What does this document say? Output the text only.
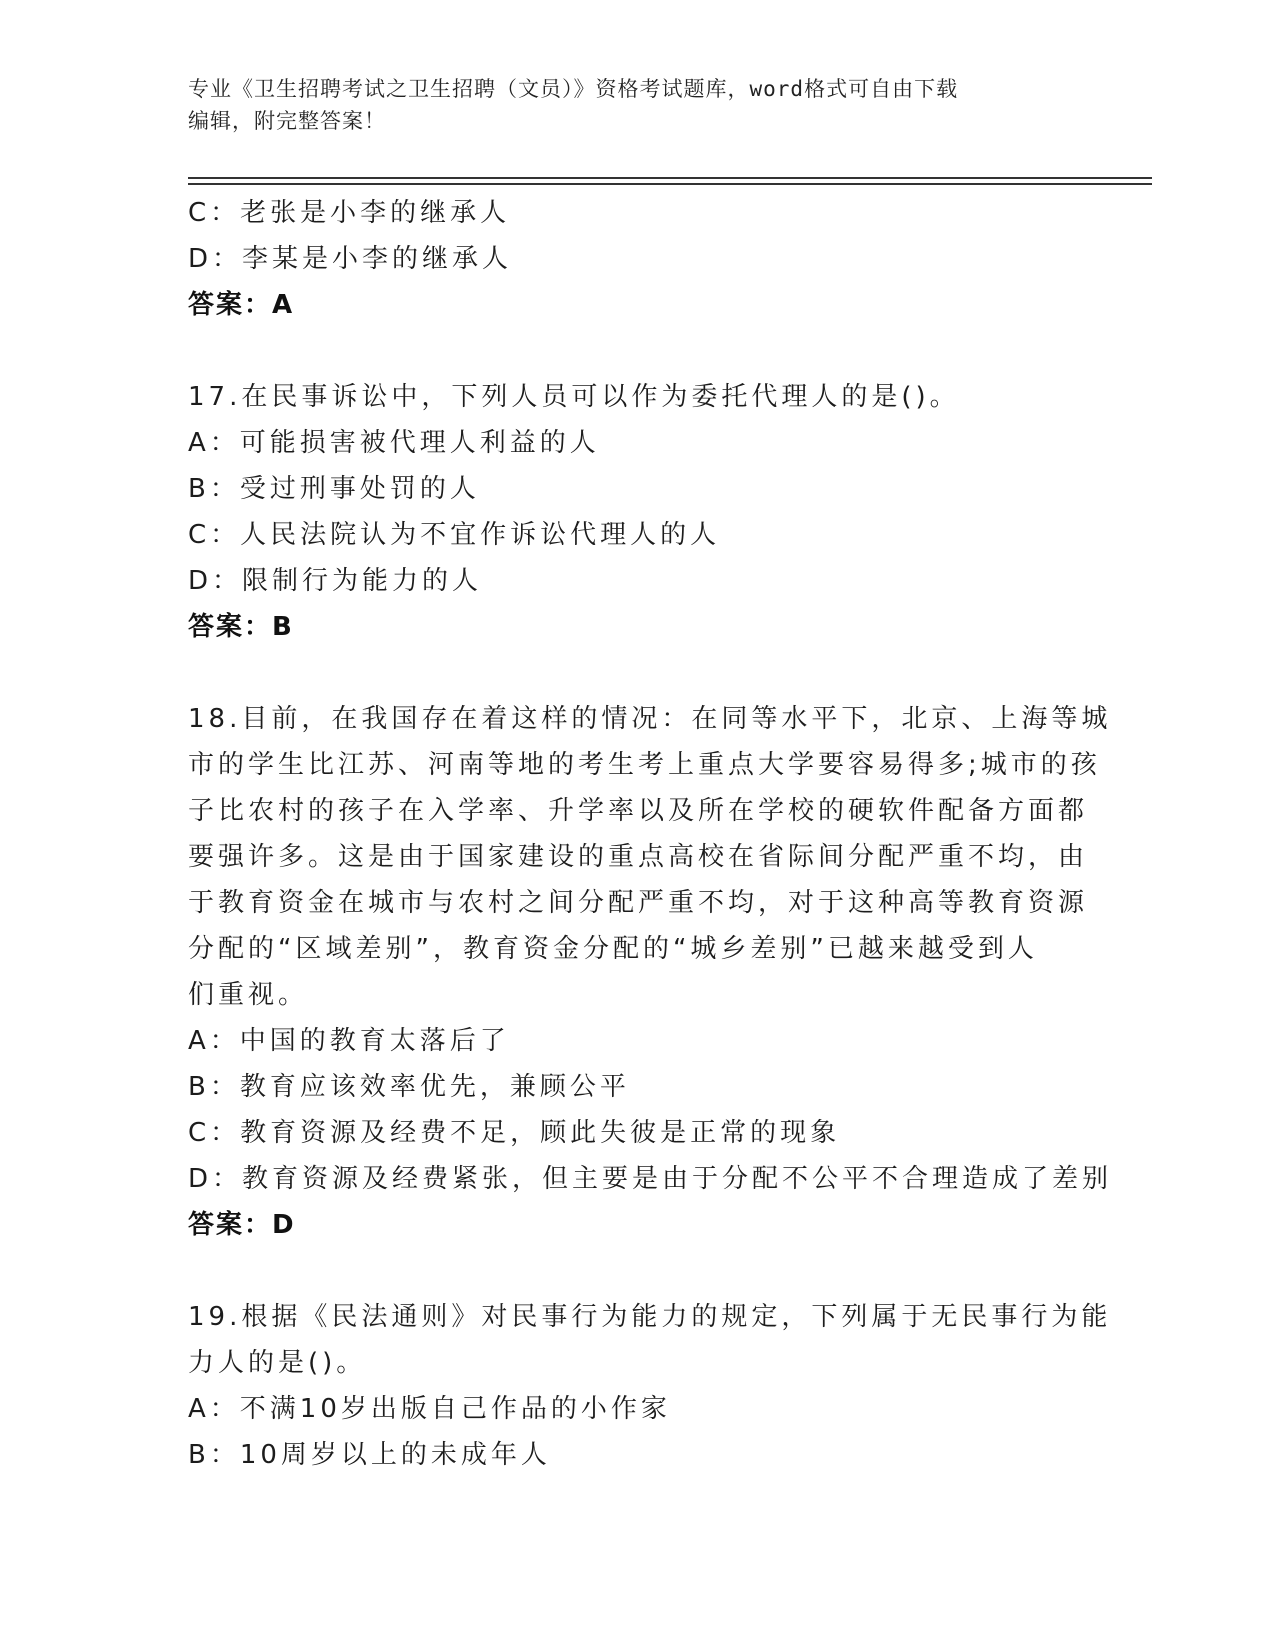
专业《卫生招聘考试之卫生招聘（文员）》资格考试题库，word格式可自由下载
编辑，附完整答案！
C：老张是小李的继承人
D：李某是小李的继承人
答案：A
17.在民事诉讼中，下列人员可以作为委托代理人的是()。
A：可能损害被代理人利益的人
B：受过刑事处罚的人
C：人民法院认为不宜作诉讼代理人的人
D：限制行为能力的人
答案：B
18.目前，在我国存在着这样的情况：在同等水平下，北京、上海等城
市的学生比江苏、河南等地的考生考上重点大学要容易得多;城市的孩
子比农村的孩子在入学率、升学率以及所在学校的硬软件配备方面都
要强许多。这是由于国家建设的重点高校在省际间分配严重不均，由
于教育资金在城市与农村之间分配严重不均，对于这种高等教育资源
分配的“区域差别”，教育资金分配的“城乡差别”已越来越受到人
们重视。
A：中国的教育太落后了
B：教育应该效率优先，兼顾公平
C：教育资源及经费不足，顾此失彼是正常的现象
D：教育资源及经费紧张，但主要是由于分配不公平不合理造成了差别
答案：D
19.根据《民法通则》对民事行为能力的规定，下列属于无民事行为能
力人的是()。
A：不满10岁出版自己作品的小作家
B：10周岁以上的未成年人
